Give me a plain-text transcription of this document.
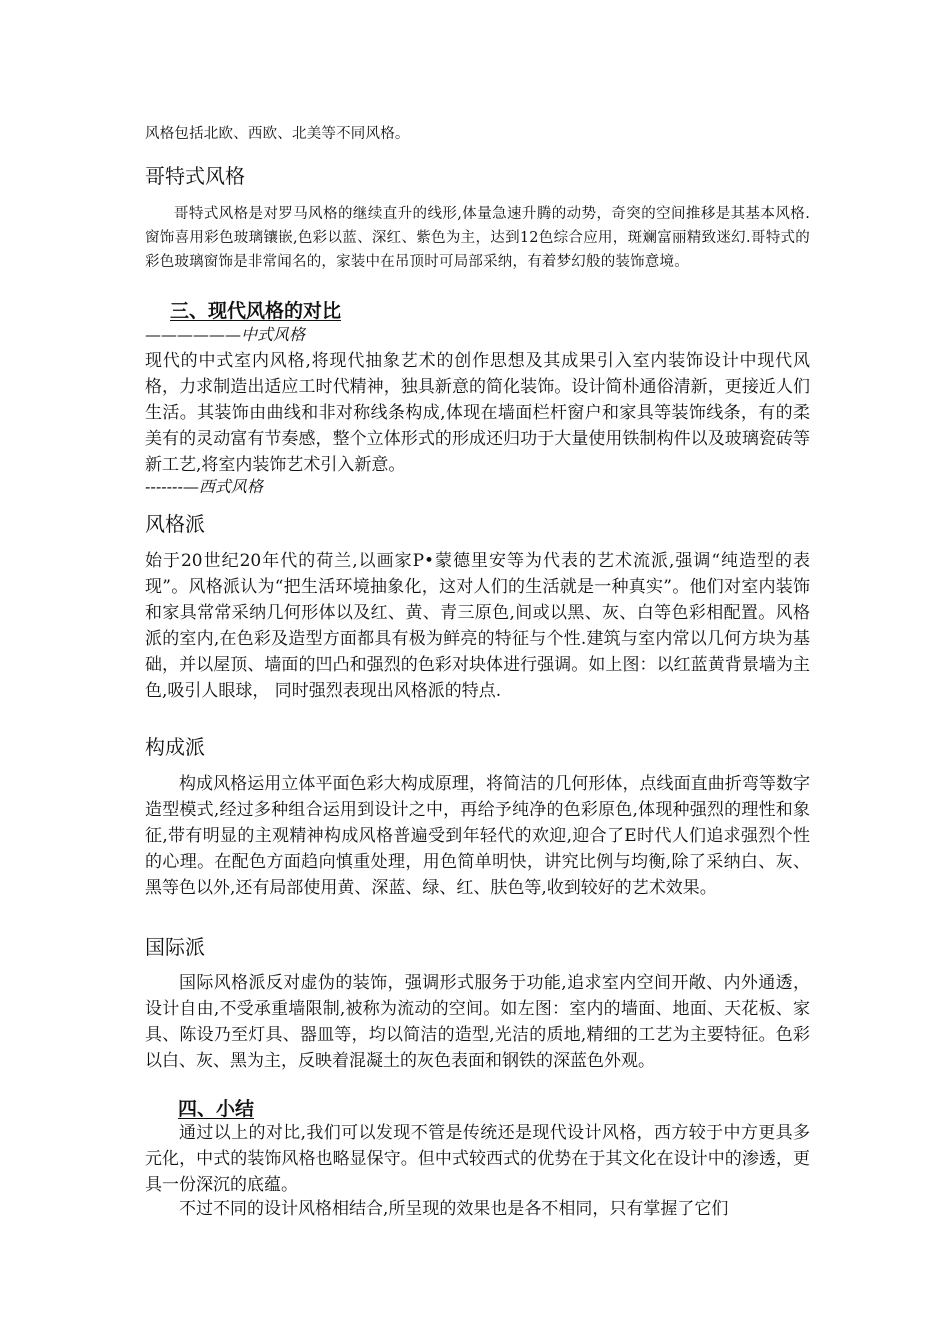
风格包括北欧、西欧、北美等不同风格。

哥特式风格

哥特式风格是对罗马风格的继续直升的线形,体量急速升腾的动势，奇突的空间推移是其基本风格.窗饰喜用彩色玻璃镶嵌,色彩以蓝、深红、紫色为主，达到12色综合应用，斑斓富丽精致迷幻.哥特式的彩色玻璃窗饰是非常闻名的，家装中在吊顶时可局部采纳，有着梦幻般的装饰意境。

三、现代风格的对比

——————中式风格

现代的中式室内风格,将现代抽象艺术的创作思想及其成果引入室内装饰设计中现代风格，力求制造出适应工时代精神，独具新意的简化装饰。设计简朴通俗清新，更接近人们生活。其装饰由曲线和非对称线条构成,体现在墙面栏杆窗户和家具等装饰线条，有的柔美有的灵动富有节奏感，整个立体形式的形成还归功于大量使用铁制构件以及玻璃瓷砖等新工艺,将室内装饰艺术引入新意。

-------—西式风格

风格派

始于20世纪20年代的荷兰,以画家P•蒙德里安等为代表的艺术流派,强调“纯造型的表现”。风格派认为“把生活环境抽象化，这对人们的生活就是一种真实”。他们对室内装饰和家具常常采纳几何形体以及红、黄、青三原色,间或以黑、灰、白等色彩相配置。风格派的室内,在色彩及造型方面都具有极为鲜亮的特征与个性.建筑与室内常以几何方块为基础，并以屋顶、墙面的凹凸和强烈的色彩对块体进行强调。如上图：以红蓝黄背景墙为主色,吸引人眼球， 同时强烈表现出风格派的特点.

构成派

构成风格运用立体平面色彩大构成原理，将简洁的几何形体，点线面直曲折弯等数字造型模式,经过多种组合运用到设计之中，再给予纯净的色彩原色,体现种强烈的理性和象征,带有明显的主观精神构成风格普遍受到年轻代的欢迎,迎合了E时代人们追求强烈个性的心理。在配色方面趋向慎重处理，用色简单明快，讲究比例与均衡,除了采纳白、灰、黑等色以外,还有局部使用黄、深蓝、绿、红、肤色等,收到较好的艺术效果。

国际派

国际风格派反对虚伪的装饰，强调形式服务于功能,追求室内空间开敞、内外通透，设计自由,不受承重墙限制,被称为流动的空间。如左图：室内的墙面、地面、天花板、家具、陈设乃至灯具、器皿等，均以简洁的造型,光洁的质地,精细的工艺为主要特征。色彩以白、灰、黑为主，反映着混凝土的灰色表面和钢铁的深蓝色外观。

四、小结

通过以上的对比,我们可以发现不管是传统还是现代设计风格，西方较于中方更具多元化，中式的装饰风格也略显保守。但中式较西式的优势在于其文化在设计中的渗透，更具一份深沉的底蕴。

不过不同的设计风格相结合,所呈现的效果也是各不相同，只有掌握了它们
